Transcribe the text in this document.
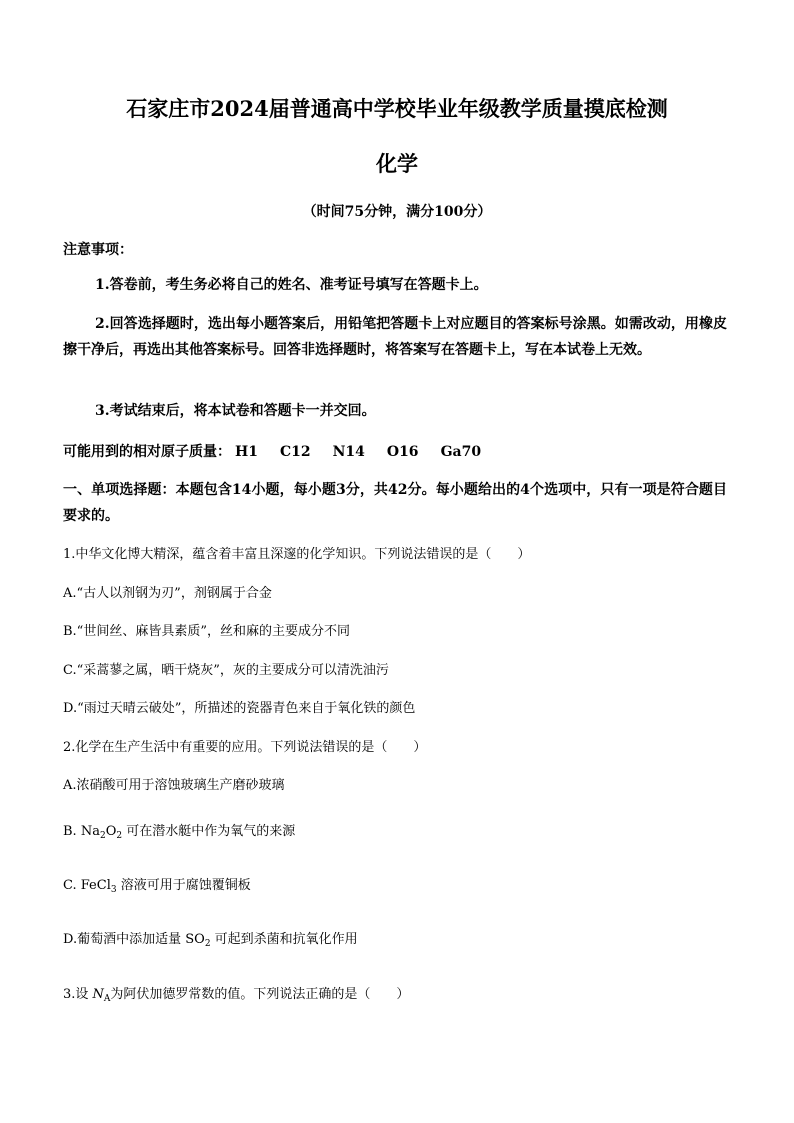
石家庄市2024届普通高中学校毕业年级教学质量摸底检测
化学
（时间75分钟，满分100分）
注意事项：
1.答卷前，考生务必将自己的姓名、准考证号填写在答题卡上。
2.回答选择题时，选出每小题答案后，用铅笔把答题卡上对应题目的答案标号涂黑。如需改动，用橡皮擦干净后，再选出其他答案标号。回答非选择题时，将答案写在答题卡上，写在本试卷上无效。
3.考试结束后，将本试卷和答题卡一并交回。
可能用到的相对原子质量： H1 C12 N14 O16 Ga70
一、单项选择题：本题包含14小题，每小题3分，共42分。每小题给出的4个选项中，只有一项是符合题目要求的。
1.中华文化博大精深，蕴含着丰富且深邃的化学知识。下列说法错误的是（　　）
A.“古人以剂钢为刃”，剂钢属于合金
B.“世间丝、麻皆具素质”，丝和麻的主要成分不同
C.“采蒿蓼之属，晒干烧灰”，灰的主要成分可以清洗油污
D.“雨过天晴云破处”，所描述的瓷器青色来自于氧化铁的颜色
2.化学在生产生活中有重要的应用。下列说法错误的是（　　）
A.浓硝酸可用于溶蚀玻璃生产磨砂玻璃
B. $Na_2O_2$ 可在潜水艇中作为氧气的来源
C. FeCl$_3$ 溶液可用于腐蚀覆铜板
D.葡萄酒中添加适量 $SO_2$ 可起到杀菌和抗氧化作用
3.设 $N_A$为阿伏加德罗常数的值。下列说法正确的是（　　）
